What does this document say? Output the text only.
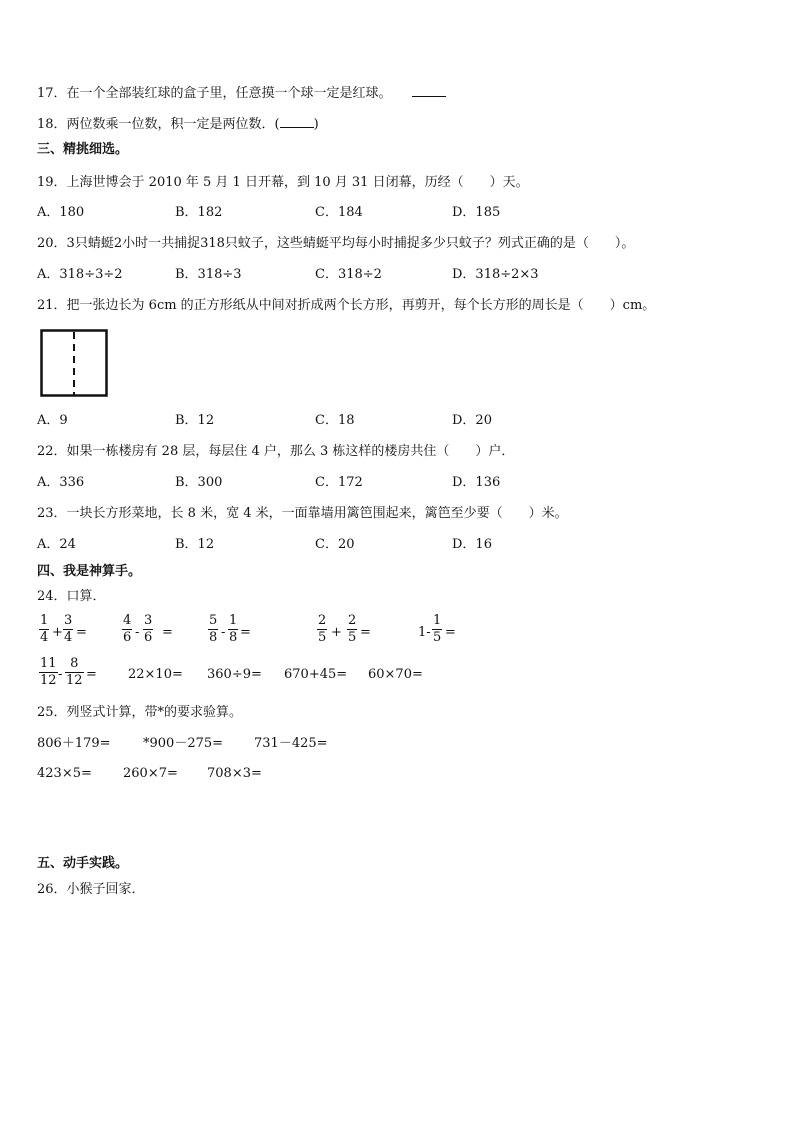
17．在一个全部装红球的盒子里，任意摸一个球一定是红球。
18．两位数乘一位数，积一定是两位数．(	)
三、精挑细选。
19．上海世博会于 2010 年 5 月 1 日开幕，到 10 月 31 日闭幕，历经（　　）天。
A．180	B．182	C．184	D．185
20．3只蜻蜓2小时一共捕捉318只蚊子，这些蜻蜓平均每小时捕捉多少只蚊子？列式正确的是（　　）。
A．318÷3÷2	B．318÷3	C．318÷2	D．318÷2×3
21．把一张边长为 6cm 的正方形纸从中间对折成两个长方形，再剪开，每个长方形的周长是（　　）cm。
A．9	B．12	C．18	D．20
22．如果一栋楼房有 28 层，每层住 4 户，那么 3 栋这样的楼房共住（　　）户．
A．336	B．300	C．172	D．136
23．一块长方形菜地，长 8 米，宽 4 米，一面靠墙用篱笆围起来，篱笆至少要（　　）米。
A．24	B．12	C．20	D．16
四、我是神算手。
24．口算．
1
4 +
3
4 =
4
6 -
3
6 =
5
8 -
1
8 =
2
5 +
2
5 =	1-
1
5 =
11
12 -
8
12 = 22×10= 360÷9= 670+45= 60×70=
25．列竖式计算，带*的要求验算。
806＋179= *900－275= 731－425=
423×5= 260×7= 708×3=
五、动手实践。
26．小猴子回家．
